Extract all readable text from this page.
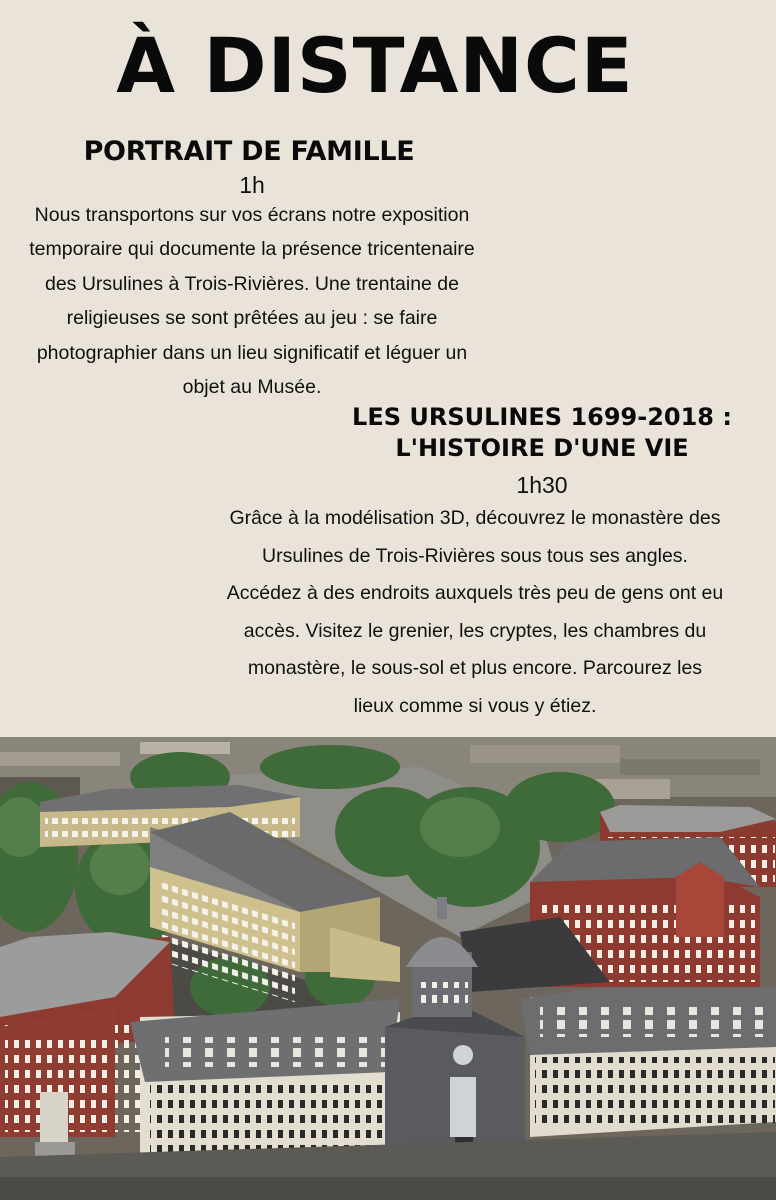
À DISTANCE
PORTRAIT DE FAMILLE
1h
Nous transportons sur vos écrans notre exposition
temporaire qui documente la présence tricentenaire
des Ursulines à Trois-Rivières. Une trentaine de
religieuses se sont prêtées au jeu : se faire
photographier dans un lieu significatif et léguer un
objet au Musée.
LES URSULINES 1699-2018 :
L'HISTOIRE D'UNE VIE
1h30
Grâce à la modélisation 3D, découvrez le monastère des
Ursulines de Trois-Rivières sous tous ses angles.
Accédez à des endroits auxquels très peu de gens ont eu
accès. Visitez le grenier, les cryptes, les chambres du
monastère, le sous-sol et plus encore. Parcourez les
lieux comme si vous y étiez.
